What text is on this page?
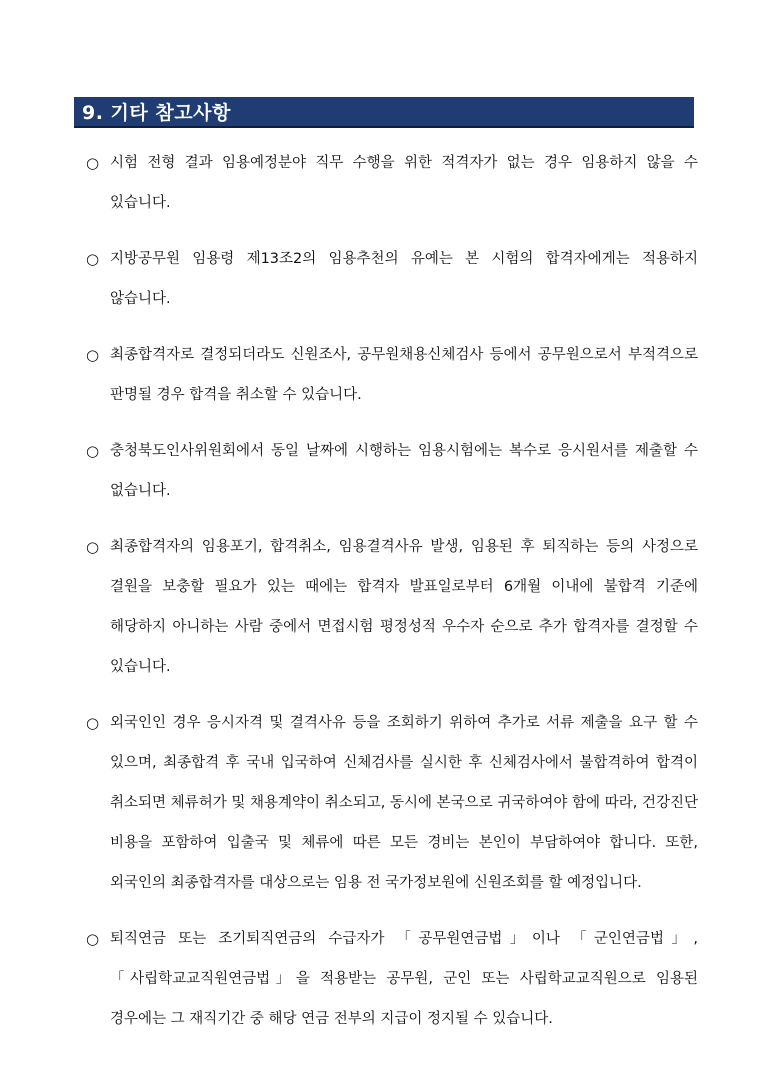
9. 기타 참고사항
○ 시험 전형 결과 임용예정분야 직무 수행을 위한 적격자가 없는 경우 임용하지 않을 수 있습니다.
○ 지방공무원 임용령 제13조2의 임용추천의 유예는 본 시험의 합격자에게는 적용하지 않습니다.
○ 최종합격자로 결정되더라도 신원조사, 공무원채용신체검사 등에서 공무원으로서 부적격으로 판명될 경우 합격을 취소할 수 있습니다.
○ 충청북도인사위원회에서 동일 날짜에 시행하는 임용시험에는 복수로 응시원서를 제출할 수 없습니다.
○ 최종합격자의 임용포기, 합격취소, 임용결격사유 발생, 임용된 후 퇴직하는 등의 사정으로 결원을 보충할 필요가 있는 때에는 합격자 발표일로부터 6개월 이내에 불합격 기준에 해당하지 아니하는 사람 중에서 면접시험 평정성적 우수자 순으로 추가 합격자를 결정할 수 있습니다.
○ 외국인인 경우 응시자격 및 결격사유 등을 조회하기 위하여 추가로 서류 제출을 요구 할 수 있으며, 최종합격 후 국내 입국하여 신체검사를 실시한 후 신체검사에서 불합격하여 합격이 취소되면 체류허가 및 채용계약이 취소되고, 동시에 본국으로 귀국하여야 함에 따라, 건강진단 비용을 포함하여 입출국 및 체류에 따른 모든 경비는 본인이 부담하여야 합니다. 또한, 외국인의 최종합격자를 대상으로는 임용 전 국가정보원에 신원조회를 할 예정입니다.
○ 퇴직연금 또는 조기퇴직연금의 수급자가 「공무원연금법」이나 「군인연금법」, 「사립학교교직원연금법」을 적용받는 공무원, 군인 또는 사립학교교직원으로 임용된 경우에는 그 재직기간 중 해당 연금 전부의 지급이 정지될 수 있습니다.
